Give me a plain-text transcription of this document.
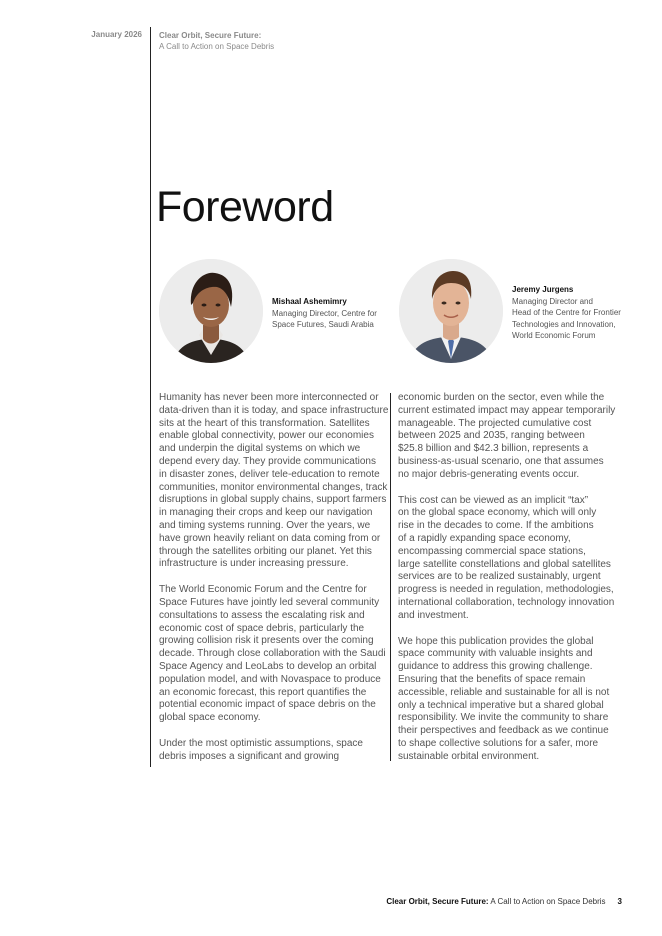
January 2026 Clear Orbit, Secure Future:
A Call to Action on Space Debris
Foreword
Mishaal Ashemimry
Managing Director, Centre for
Space Futures, Saudi Arabia
Jeremy Jurgens
Managing Director and
Head of the Centre for Frontier
Technologies and Innovation,
World Economic Forum

Humanity has never been more interconnected or
data-driven than it is today, and space infrastructure
sits at the heart of this transformation. Satellites
enable global connectivity, power our economies
and underpin the digital systems on which we
depend every day. They provide communications
in disaster zones, deliver tele-education to remote
communities, monitor environmental changes, track
disruptions in global supply chains, support farmers
in managing their crops and keep our navigation
and timing systems running. Over the years, we
have grown heavily reliant on data coming from or
through the satellites orbiting our planet. Yet this
infrastructure is under increasing pressure.

The World Economic Forum and the Centre for
Space Futures have jointly led several community
consultations to assess the escalating risk and
economic cost of space debris, particularly the
growing collision risk it presents over the coming
decade. Through close collaboration with the Saudi
Space Agency and LeoLabs to develop an orbital
population model, and with Novaspace to produce
an economic forecast, this report quantifies the
potential economic impact of space debris on the
global space economy.

Under the most optimistic assumptions, space
debris imposes a significant and growing

economic burden on the sector, even while the
current estimated impact may appear temporarily
manageable. The projected cumulative cost
between 2025 and 2035, ranging between
$25.8 billion and $42.3 billion, represents a
business-as-usual scenario, one that assumes
no major debris-generating events occur.

This cost can be viewed as an implicit “tax”
on the global space economy, which will only
rise in the decades to come. If the ambitions
of a rapidly expanding space economy,
encompassing commercial space stations,
large satellite constellations and global satellites
services are to be realized sustainably, urgent
progress is needed in regulation, methodologies,
international collaboration, technology innovation
and investment.

We hope this publication provides the global
space community with valuable insights and
guidance to address this growing challenge.
Ensuring that the benefits of space remain
accessible, reliable and sustainable for all is not
only a technical imperative but a shared global
responsibility. We invite the community to share
their perspectives and feedback as we continue
to shape collective solutions for a safer, more
sustainable orbital environment.

Clear Orbit, Secure Future: A Call to Action on Space Debris 3
